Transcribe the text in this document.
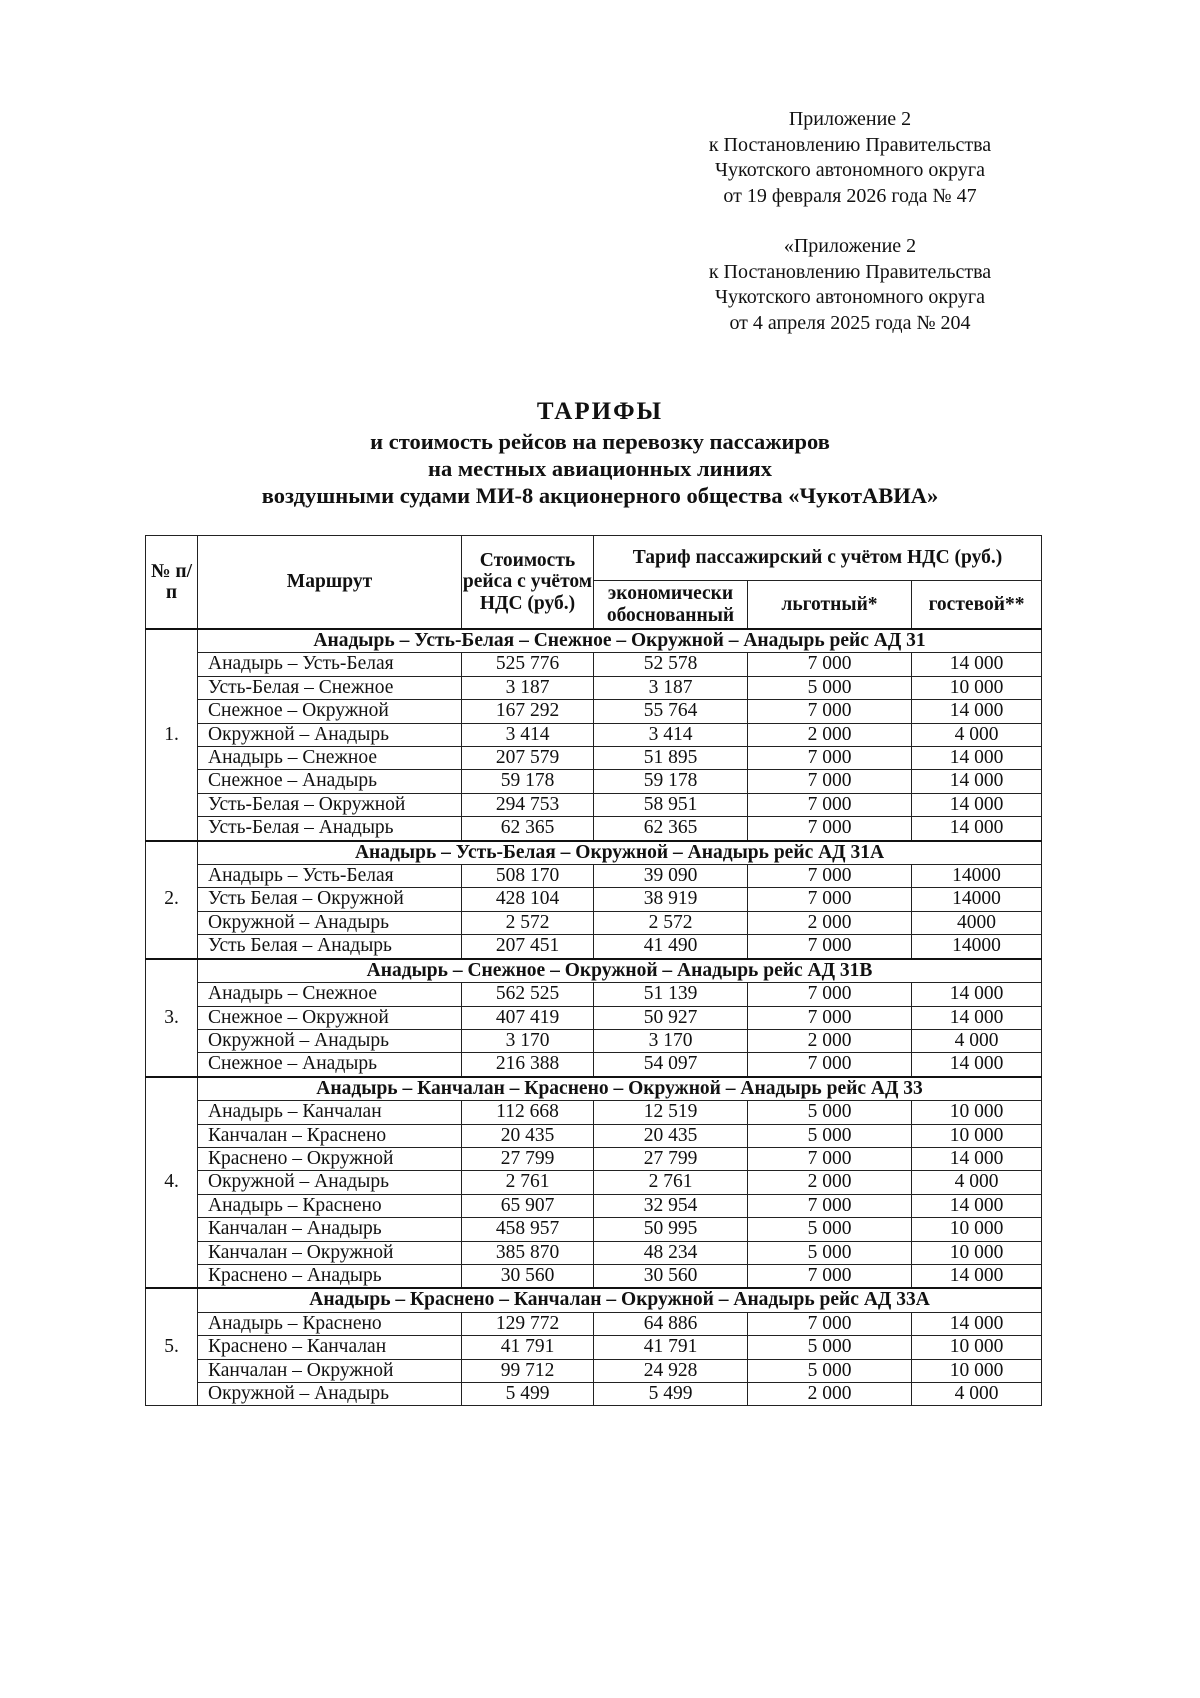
Приложение 2
к Постановлению Правительства
Чукотского автономного округа
от 19 февраля 2026 года № 47
«Приложение 2
к Постановлению Правительства
Чукотского автономного округа
от 4 апреля 2025 года № 204
ТАРИФЫ
и стоимость рейсов на перевозку пассажиров
на местных авиационных линиях
воздушными судами МИ-8 акционерного общества «ЧукотАВИА»
№ п/п	Маршрут	Стоимость рейса с учётом НДС (руб.)	Тариф пассажирский с учётом НДС (руб.)		
			экономически обоснованный	льготный*	гостевой**
1.	Анадырь – Усть-Белая – Снежное – Окружной – Анадырь рейс АД 31				
	Анадырь – Усть-Белая	525 776	52 578	7 000	14 000
	Усть-Белая – Снежное	3 187	3 187	5 000	10 000
	Снежное – Окружной	167 292	55 764	7 000	14 000
	Окружной – Анадырь	3 414	3 414	2 000	4 000
	Анадырь – Снежное	207 579	51 895	7 000	14 000
	Снежное – Анадырь	59 178	59 178	7 000	14 000
	Усть-Белая – Окружной	294 753	58 951	7 000	14 000
	Усть-Белая – Анадырь	62 365	62 365	7 000	14 000
2.	Анадырь – Усть-Белая – Окружной – Анадырь рейс АД 31А				
	Анадырь – Усть-Белая	508 170	39 090	7 000	14000
	Усть Белая – Окружной	428 104	38 919	7 000	14000
	Окружной – Анадырь	2 572	2 572	2 000	4000
	Усть Белая – Анадырь	207 451	41 490	7 000	14000
3.	Анадырь – Снежное – Окружной – Анадырь рейс АД 31В				
	Анадырь – Снежное	562 525	51 139	7 000	14 000
	Снежное – Окружной	407 419	50 927	7 000	14 000
	Окружной – Анадырь	3 170	3 170	2 000	4 000
	Снежное – Анадырь	216 388	54 097	7 000	14 000
4.	Анадырь – Канчалан – Краснено – Окружной – Анадырь рейс АД 33				
	Анадырь – Канчалан	112 668	12 519	5 000	10 000
	Канчалан – Краснено	20 435	20 435	5 000	10 000
	Краснено – Окружной	27 799	27 799	7 000	14 000
	Окружной – Анадырь	2 761	2 761	2 000	4 000
	Анадырь – Краснено	65 907	32 954	7 000	14 000
	Канчалан – Анадырь	458 957	50 995	5 000	10 000
	Канчалан – Окружной	385 870	48 234	5 000	10 000
	Краснено – Анадырь	30 560	30 560	7 000	14 000
5.	Анадырь – Краснено – Канчалан – Окружной – Анадырь рейс АД 33А				
	Анадырь – Краснено	129 772	64 886	7 000	14 000
	Краснено – Канчалан	41 791	41 791	5 000	10 000
	Канчалан – Окружной	99 712	24 928	5 000	10 000
	Окружной – Анадырь	5 499	5 499	2 000	4 000
